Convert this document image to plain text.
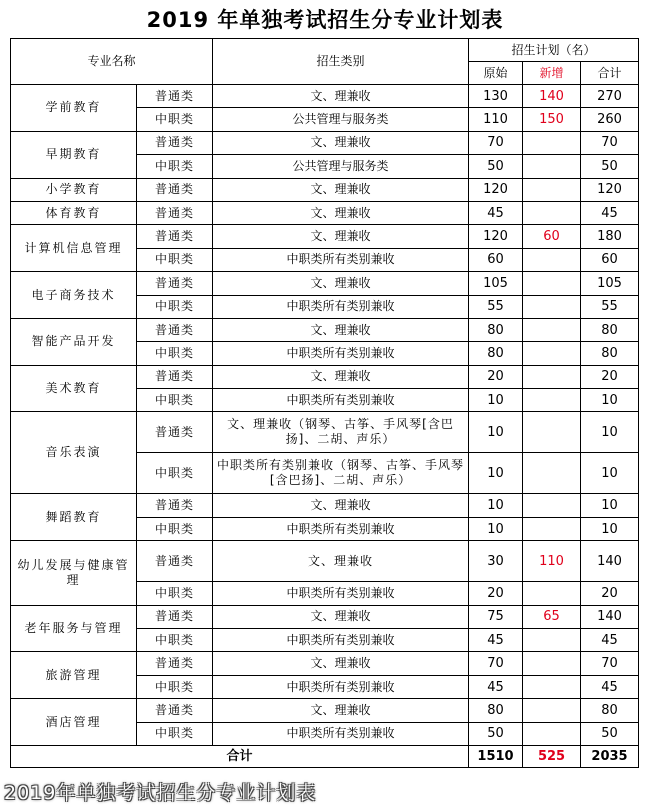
2019 年单独考试招生分专业计划表
专业名称		招生类别	招生计划（名）		
			原始	新增	合计
学前教育	普通类	文、理兼收	130	140	270
	中职类	公共管理与服务类	110	150	260
早期教育	普通类	文、理兼收	70		70
	中职类	公共管理与服务类	50		50
小学教育	普通类	文、理兼收	120		120
体育教育	普通类	文、理兼收	45		45
计算机信息管理	普通类	文、理兼收	120	60	180
	中职类	中职类所有类别兼收	60		60
电子商务技术	普通类	文、理兼收	105		105
	中职类	中职类所有类别兼收	55		55
智能产品开发	普通类	文、理兼收	80		80
	中职类	中职类所有类别兼收	80		80
美术教育	普通类	文、理兼收	20		20
	中职类	中职类所有类别兼收	10		10
音乐表演	普通类	文、理兼收（钢琴、古筝、手风琴[含巴扬]、二胡、声乐）	10		10
	中职类	中职类所有类别兼收（钢琴、古筝、手风琴[含巴扬]、二胡、声乐）	10		10
舞蹈教育	普通类	文、理兼收	10		10
	中职类	中职类所有类别兼收	10		10
幼儿发展与健康管理	普通类	文、理兼收	30	110	140
	中职类	中职类所有类别兼收	20		20
老年服务与管理	普通类	文、理兼收	75	65	140
	中职类	中职类所有类别兼收	45		45
旅游管理	普通类	文、理兼收	70		70
	中职类	中职类所有类别兼收	45		45
酒店管理	普通类	文、理兼收	80		80
	中职类	中职类所有类别兼收	50		50
合计			1510	525	2035
2019年单独考试招生分专业计划表
